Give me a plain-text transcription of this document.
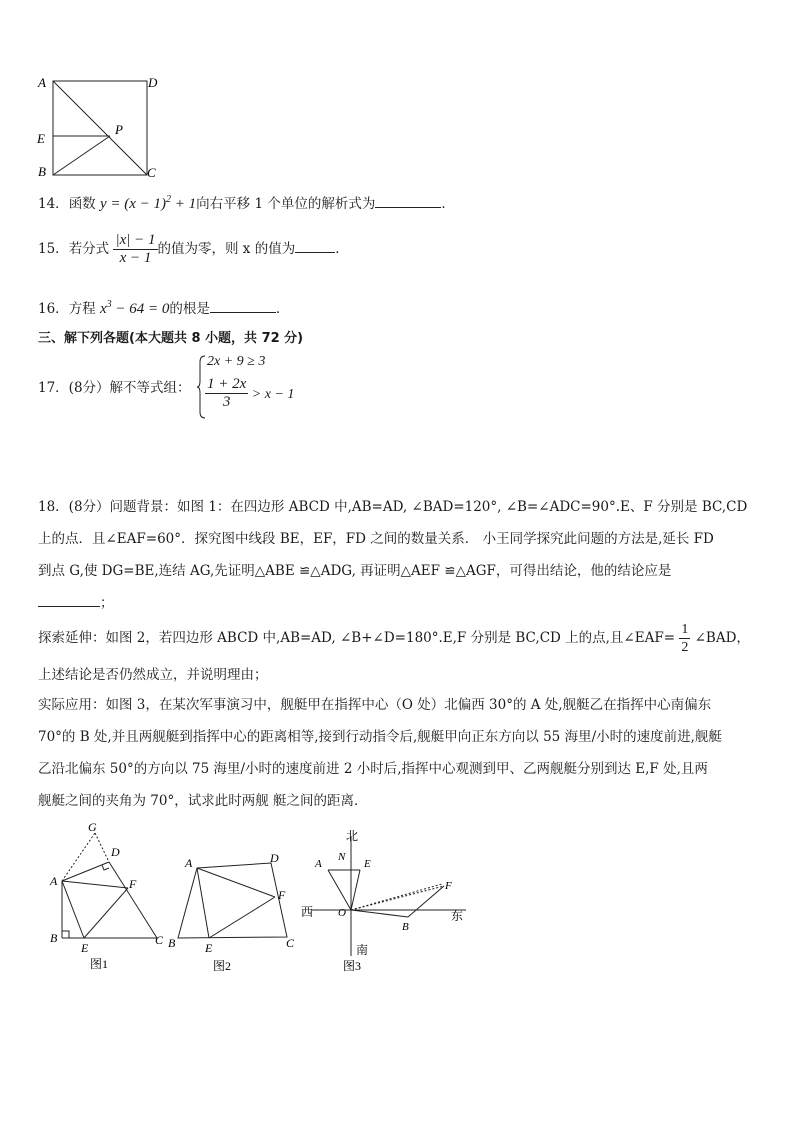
A	D
E
P
B	C
14．函数 $y = (x - 1)^2 + 1$向右平移 1 个单位的解析式为	．
15．若分式 $\frac{|x| - 1}{x - 1}$ 的值为零，则 x 的值为	．
16．方程 $x^3 - 64 = 0$的根是	．
三、解下列各题(本大题共 8 小题，共 72 分)
17．(8分）解不等式组：
2x + 9 ≥ 3
$\frac{1 + 2x}{3} > x - 1$
18．(8分）问题背景：如图 1：在四边形 ABCD 中,AB=AD, ∠BAD=120°, ∠B=∠ADC=90°.E、F 分别是 BC,CD
上的点．且∠EAF=60°．探究图中线段 BE，EF，FD 之间的数量关系． 小王同学探究此问题的方法是,延长 FD
到点 G,使 DG=BE,连结 AG,先证明△ABE ≌△ADG, 再证明△AEF ≌△AGF，可得出结论，他的结论应是
；
探索延伸：如图 2，若四边形 ABCD 中,AB=AD, ∠B+∠D=180°.E,F 分别是 BC,CD 上的点,且∠EAF= $\frac{1}{2}$ ∠BAD，
上述结论是否仍然成立，并说明理由；
实际应用：如图 3，在某次军事演习中，舰艇甲在指挥中心（O 处）北偏西 30°的 A 处,舰艇乙在指挥中心南偏东
70°的 B 处,并且两舰艇到指挥中心的距离相等,接到行动指令后,舰艇甲向正东方向以 55 海里/小时的速度前进,舰艇
乙沿北偏东 50°的方向以 75 海里/小时的速度前进 2 小时后,指挥中心观测到甲、乙两舰艇分别到达 E,F 处,且两
舰艇之间的夹角为 70°，试求此时两舰 艇之间的距离．
G
D
A	F
B
E
C
图1
A	D
F
B E	C
图2
北
N
A	E
F
西 O
B
东
南
图3
